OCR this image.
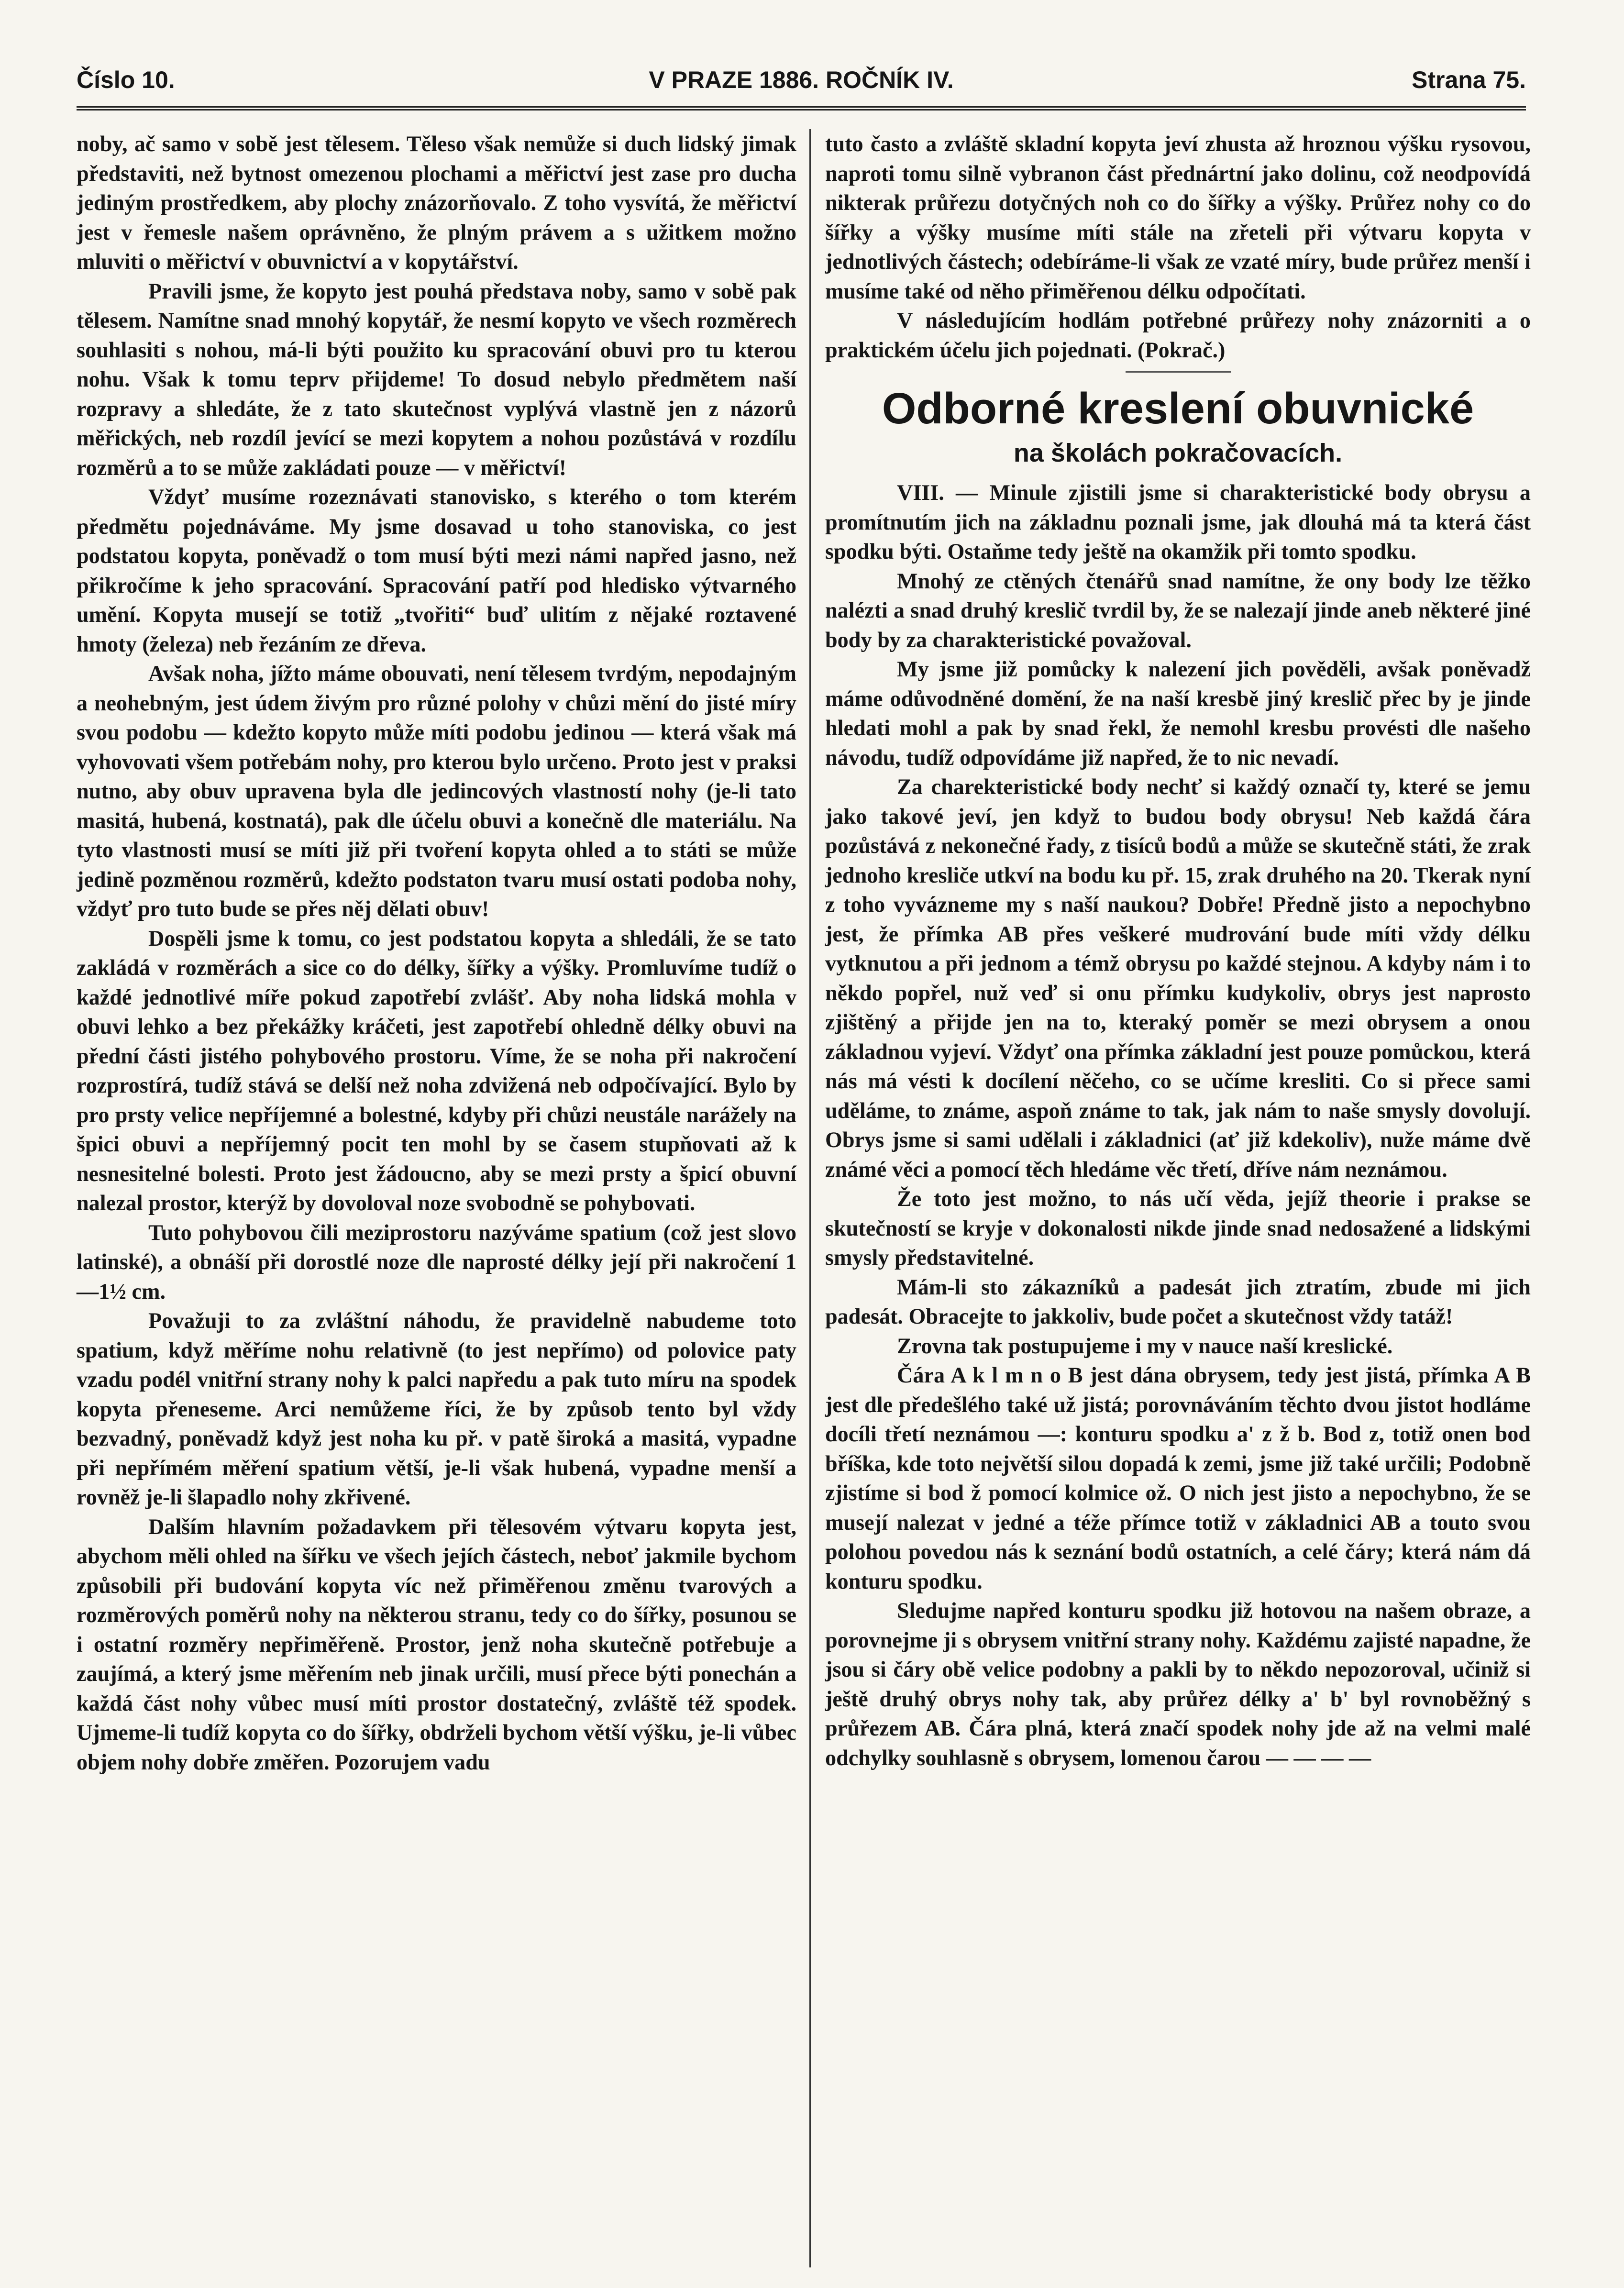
Číslo 10.	V PRAZE 1886. ROČNÍK IV.	Strana 75.

noby, ač samo v sobě jest tělesem. Těleso však nemůže si duch lidský jimak představiti, než bytnost omezenou plochami a měřictví jest zase pro ducha jediným prostředkem, aby plochy znázorňovalo. Z toho vysvítá, že měřictví jest v řemesle našem oprávněno, že plným právem a s užitkem možno mluviti o měřictví v obuvnictví a v kopytářství.

Pravili jsme, že kopyto jest pouhá představa noby, samo v sobě pak tělesem. Namítne snad mnohý kopytář, že nesmí kopyto ve všech rozměrech souhlasiti s nohou, má-li býti použito ku spracování obuvi pro tu kterou nohu. Však k tomu teprv přijdeme! To dosud nebylo předmětem naší rozpravy a shledáte, že z tato skutečnost vyplývá vlastně jen z názorů měřických, neb rozdíl jevící se mezi kopytem a nohou pozůstává v rozdílu rozměrů a to se může zakládati pouze — v měřictví!

Vždyť musíme rozeznávati stanovisko, s kterého o tom kterém předmětu pojednáváme. My jsme dosavad u toho stanoviska, co jest podstatou kopyta, poněvadž o tom musí býti mezi námi napřed jasno, než přikročíme k jeho spracování. Spracování patří pod hledisko výtvarného umění. Kopyta musejí se totiž „tvořiti“ buď ulitím z nějaké roztavené hmoty (železa) neb řezáním ze dřeva.

Avšak noha, jížto máme obouvati, není tělesem tvrdým, nepodajným a neohebným, jest údem živým pro různé polohy v chůzi mění do jisté míry svou podobu — kdežto kopyto může míti podobu jedinou — která však má vyhovovati všem potřebám nohy, pro kterou bylo určeno. Proto jest v praksi nutno, aby obuv upravena byla dle jedincových vlastností nohy (je-li tato masitá, hubená, kostnatá), pak dle účelu obuvi a konečně dle materiálu. Na tyto vlastnosti musí se míti již při tvoření kopyta ohled a to státi se může jedině pozměnou rozměrů, kdežto podstaton tvaru musí ostati podoba nohy, vždyť pro tuto bude se přes něj dělati obuv!

Dospěli jsme k tomu, co jest podstatou kopyta a shledáli, že se tato zakládá v rozměrách a sice co do délky, šířky a výšky. Promluvíme tudíž o každé jednotlivé míře pokud zapotřebí zvlášť. Aby noha lidská mohla v obuvi lehko a bez překážky kráčeti, jest zapotřebí ohledně délky obuvi na přední části jistého pohybového prostoru. Víme, že se noha při nakročení rozprostírá, tudíž stává se delší než noha zdvižená neb odpočívající. Bylo by pro prsty velice nepříjemné a bolestné, kdyby při chůzi neustále narážely na špici obuvi a nepříjemný pocit ten mohl by se časem stupňovati až k nesnesitelné bolesti. Proto jest žádoucno, aby se mezi prsty a špicí obuvní nalezal prostor, kterýž by dovoloval noze svobodně se pohybovati.

Tuto pohybovou čili meziprostoru nazýváme spatium (což jest slovo latinské), a obnáší při dorostlé noze dle naprosté délky její při nakročení 1—1½ cm.

Považuji to za zvláštní náhodu, že pravidelně nabudeme toto spatium, když měříme nohu relativně (to jest nepřímo) od polovice paty vzadu podél vnitřní strany nohy k palci napředu a pak tuto míru na spodek kopyta přeneseme. Arci nemůžeme říci, že by způsob tento byl vždy bezvadný, poněvadž když jest noha ku př. v patě široká a masitá, vypadne při nepřímém měření spatium větší, je-li však hubená, vypadne menší a rovněž je-li šlapadlo nohy zkřivené.

Dalším hlavním požadavkem při tělesovém výtvaru kopyta jest, abychom měli ohled na šířku ve všech jejích částech, neboť jakmile bychom způsobili při budování kopyta víc než přiměřenou změnu tvarových a rozměrových poměrů nohy na některou stranu, tedy co do šířky, posunou se i ostatní rozměry nepřiměřeně. Prostor, jenž noha skutečně potřebuje a zaujímá, a který jsme měřením neb jinak určili, musí přece býti ponechán a každá část nohy vůbec musí míti prostor dostatečný, zvláště též spodek. Ujmeme-li tudíž kopyta co do šířky, obdrželi bychom větší výšku, je-li vůbec objem nohy dobře změřen. Pozorujem vadu

tuto často a zvláště skladní kopyta jeví zhusta až hroznou výšku rysovou, naproti tomu silně vybranon část přednártní jako dolinu, což neodpovídá nikterak průřezu dotyčných noh co do šířky a výšky. Průřez nohy co do šířky a výšky musíme míti stále na zřeteli při výtvaru kopyta v jednotlivých částech; odebíráme-li však ze vzaté míry, bude průřez menší i musíme také od něho přiměřenou délku odpočítati.

V následujícím hodlám potřebné průřezy nohy znázorniti a o praktickém účelu jich pojednati. (Pokrač.)

Odborné kreslení obuvnické
na školách pokračovacích.

VIII. — Minule zjistili jsme si charakteristické body obrysu a promítnutím jich na základnu poznali jsme, jak dlouhá má ta která část spodku býti. Ostaňme tedy ještě na okamžik při tomto spodku.

Mnohý ze ctěných čtenářů snad namítne, že ony body lze těžko nalézti a snad druhý kreslič tvrdil by, že se nalezají jinde aneb některé jiné body by za charakteristické považoval.

My jsme již pomůcky k nalezení jich pověděli, avšak poněvadž máme odůvodněné domění, že na naší kresbě jiný kreslič přec by je jinde hledati mohl a pak by snad řekl, že nemohl kresbu provésti dle našeho návodu, tudíž odpovídáme již napřed, že to nic nevadí.

Za charekteristické body nechť si každý označí ty, které se jemu jako takové jeví, jen když to budou body obrysu! Neb každá čára pozůstává z nekonečné řady, z tisíců bodů a může se skutečně státi, že zrak jednoho kresliče utkví na bodu ku př. 15, zrak druhého na 20. Tkerak nyní z toho vyváznеme my s naší naukou? Dobře! Předně jisto a nepochybno jest, že přímka AB přes veškeré mudrování bude míti vždy délku vytknutou a při jednom a témž obrysu po každé stejnou. A kdyby nám i to někdo popřel, nuž veď si onu přímku kudykoliv, obrys jest naprosto zjištěný a přijde jen na to, kterаký poměr se mezi obrysem a onou základnou vyjeví. Vždyť ona přímka základní jest pouze pomůckou, která nás má vésti k docílení něčeho, co se učíme kresliti. Co si přece sami uděláme, to známe, aspoň známe to tak, jak nám to naše smysly dovolují. Obrys jsme si sami udělali i základnici (ať již kdekoliv), nuže máme dvě známé věci a pomocí těch hledáme věc třetí, dříve nám neznámou.

Že toto jest možno, to nás učí věda, jejíž theorie i prakse se skutečností se kryje v dokonalosti nikde jinde snad nedosažené a lidskými smysly představitelné.

Mám-li sto zákazníků a padesát jich ztratím, zbude mi jich padesát. Obracejte to jakkoliv, bude počet a skutečnost vždy tatáž!

Zrovna tak postupujeme i my v nauce naší kreslické.

Čára A k l m n o B jest dána obrysem, tedy jest jistá, přímka A B jest dle předešlého také už jistá; porovnáváním těchto dvou jistot hodláme docíli třetí neznámou —: konturu spodku a' z ž b. Bod z, totiž onen bod bříška, kde toto největší silou dopadá k zemi, jsme již také určili; Podobně zjistíme si bod ž pomocí kolmice ož. O nich jest jisto a nepochybno, že se musejí nalezat v jedné a téže přímce totiž v základnici AB a touto svou polohou povedou nás k seznání bodů ostatních, a celé čáry; která nám dá konturu spodku.

Sledujme napřed konturu spodku již hotovou na našem obraze, a porovnejme ji s obrysem vnitřní strany nohy. Každému zajisté napadne, že jsou si čáry obě velice podobny a pakli by to někdo nepozoroval, učiniž si ještě druhý obrys nohy tak, aby průřez délky a' b' byl rovnoběžný s průřezem AB. Čára plná, která značí spodek nohy jde až na velmi malé odchylky souhlasně s obrysem, lomenou čarou — — — —
